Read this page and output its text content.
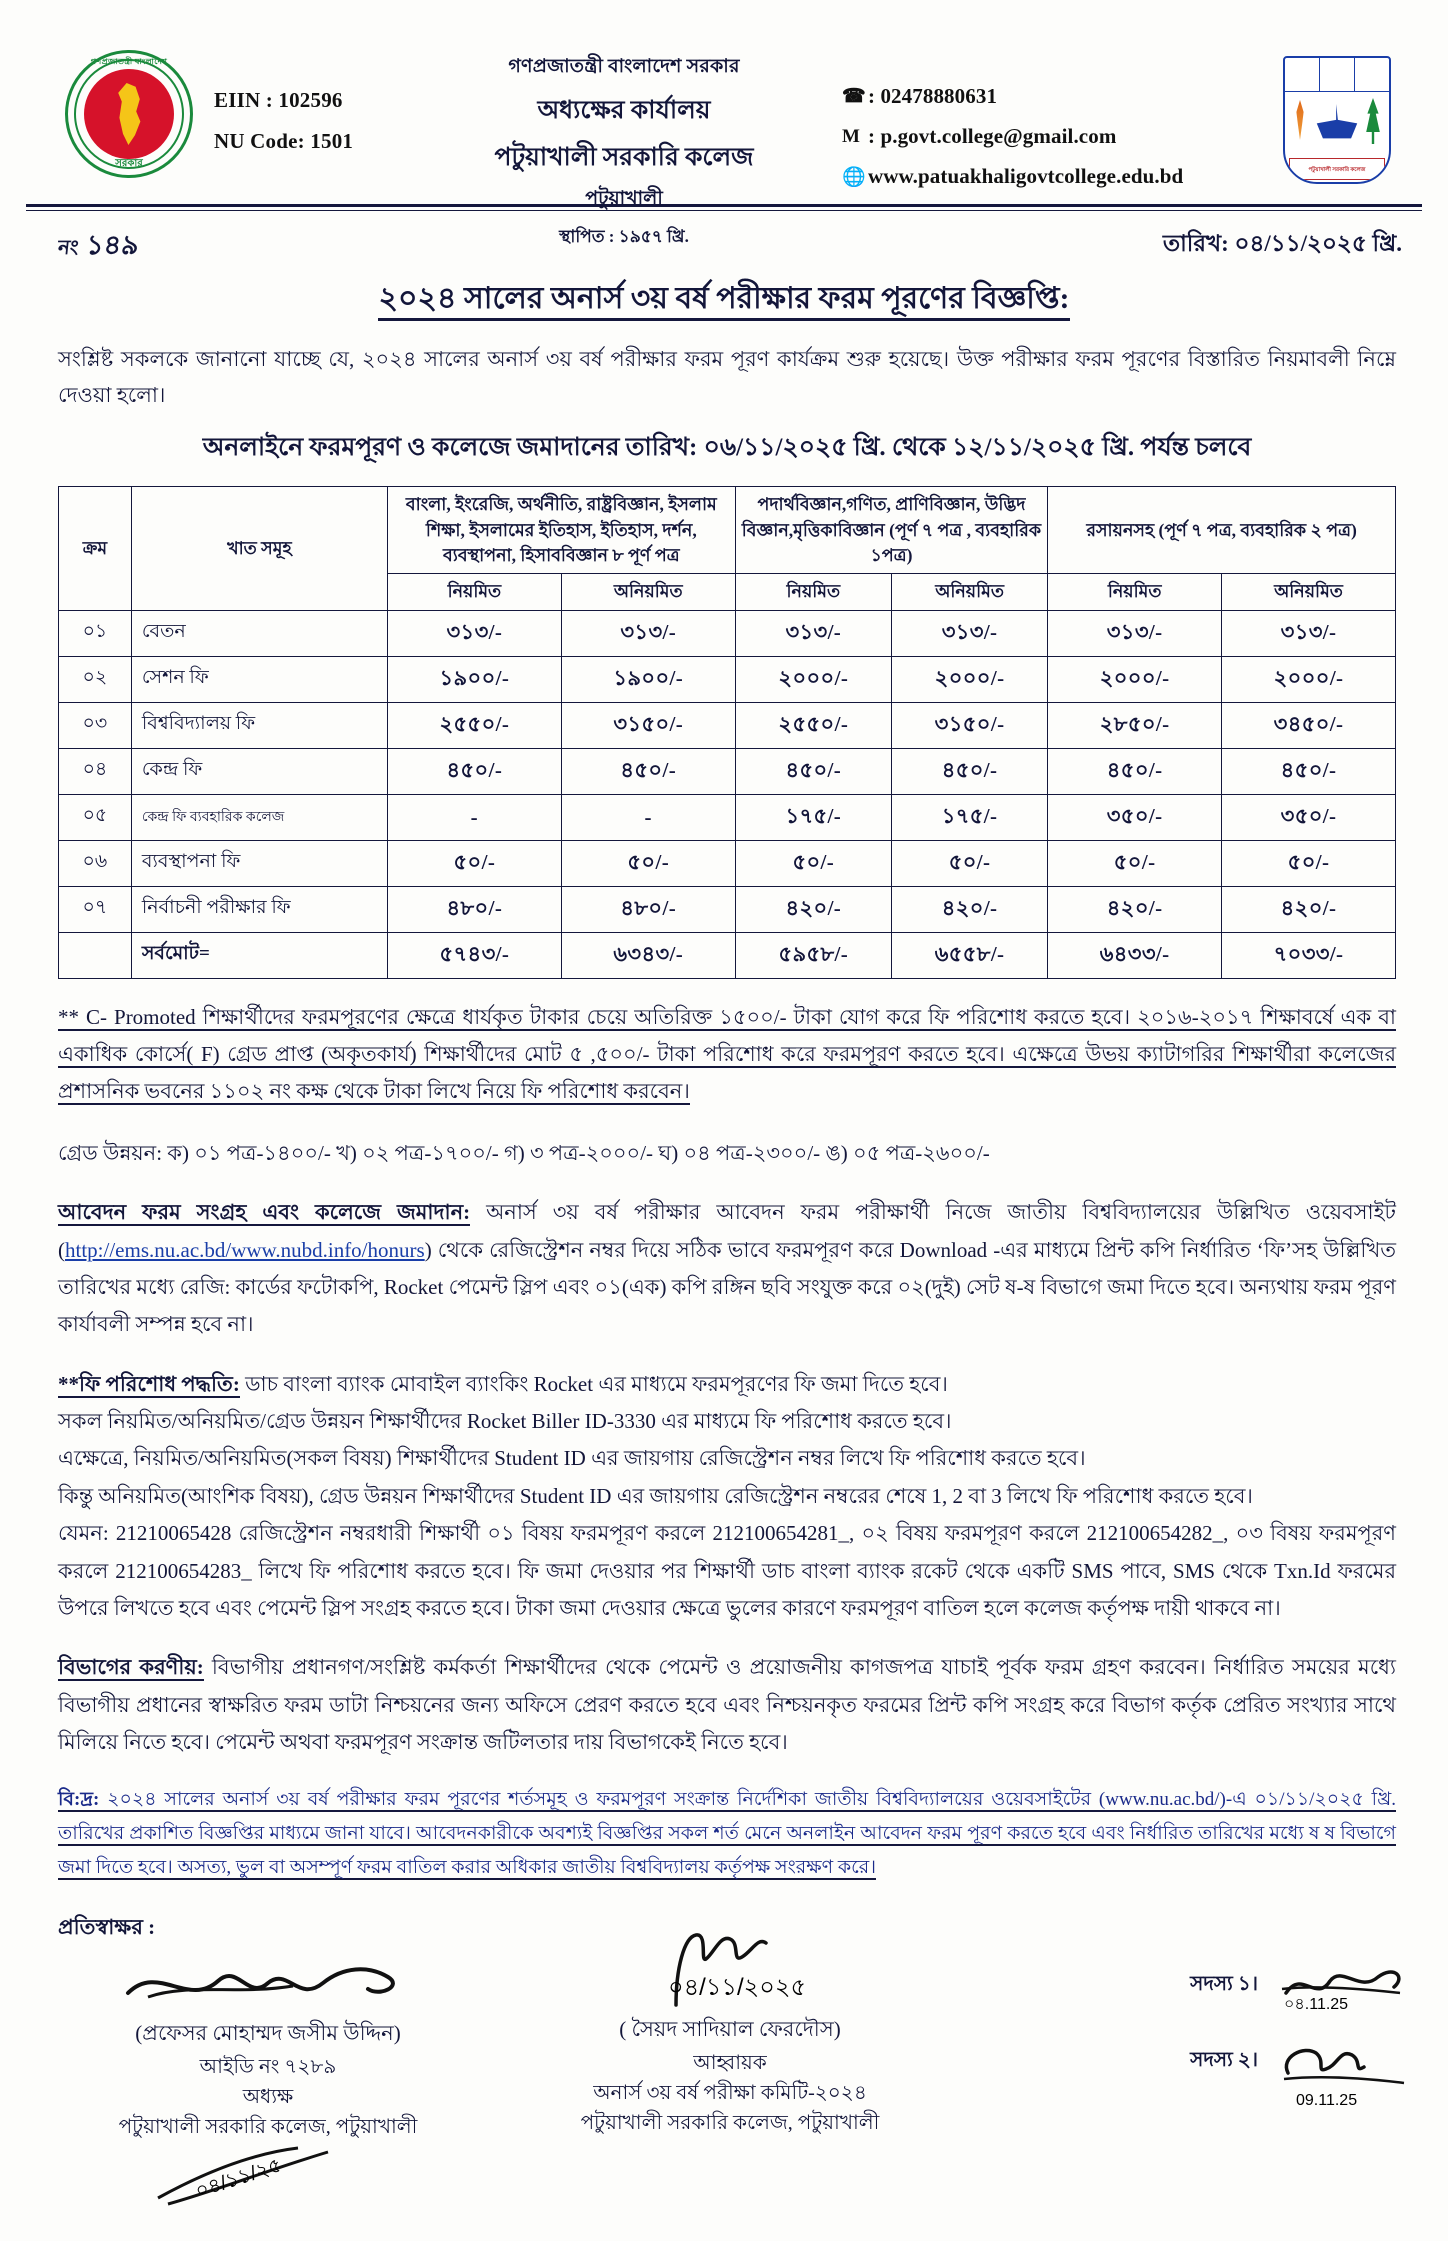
গণপ্রজাতন্ত্রী বাংলাদেশ
সরকার
EIIN : 102596
NU Code: 1501
গণপ্রজাতন্ত্রী বাংলাদেশ সরকার
অধ্যক্ষের কার্যালয়
পটুয়াখালী সরকারি কলেজ
পটুয়াখালী
স্থাপিত : ১৯৫৭ খ্রি.
☎ : 02478880631
M : p.govt.college@gmail.com
🌐 www.patuakhaligovtcollege.edu.bd	পটুয়াখালী সরকারি কলেজ
নং ১৪৯	তারিখ: ০৪/১১/২০২৫ খ্রি.
২০২৪ সালের অনার্স ৩য় বর্ষ পরীক্ষার ফরম পূরণের বিজ্ঞপ্তি:
সংশ্লিষ্ট সকলকে জানানো যাচ্ছে যে, ২০২৪ সালের অনার্স ৩য় বর্ষ পরীক্ষার ফরম পূরণ কার্যক্রম শুরু হয়েছে। উক্ত পরীক্ষার ফরম পূরণের বিস্তারিত নিয়মাবলী নিম্নে দেওয়া হলো।
অনলাইনে ফরমপূরণ ও কলেজে জমাদানের তারিখ: ০৬/১১/২০২৫ খ্রি. থেকে ১২/১১/২০২৫ খ্রি. পর্যন্ত চলবে
ক্রম	খাত সমূহ	বাংলা, ইংরেজি, অর্থনীতি, রাষ্ট্রবিজ্ঞান, ইসলাম শিক্ষা, ইসলামের ইতিহাস, ইতিহাস, দর্শন, ব্যবস্থাপনা, হিসাববিজ্ঞান ৮ পূর্ণ পত্র		পদার্থবিজ্ঞান,গণিত, প্রাণিবিজ্ঞান, উদ্ভিদ বিজ্ঞান,মৃত্তিকাবিজ্ঞান (পূর্ণ ৭ পত্র , ব্যবহারিক ১পত্র)		রসায়নসহ (পূর্ণ ৭ পত্র, ব্যবহারিক ২ পত্র)	
		নিয়মিত	অনিয়মিত	নিয়মিত	অনিয়মিত	নিয়মিত	অনিয়মিত
০১	বেতন	৩১৩/-	৩১৩/-	৩১৩/-	৩১৩/-	৩১৩/-	৩১৩/-
০২	সেশন ফি	১৯০০/-	১৯০০/-	২০০০/-	২০০০/-	২০০০/-	২০০০/-
০৩	বিশ্ববিদ্যালয় ফি	২৫৫০/-	৩১৫০/-	২৫৫০/-	৩১৫০/-	২৮৫০/-	৩৪৫০/-
০৪	কেন্দ্র ফি	৪৫০/-	৪৫০/-	৪৫০/-	৪৫০/-	৪৫০/-	৪৫০/-
০৫	কেন্দ্র ফি ব্যবহারিক কলেজ	-	-	১৭৫/-	১৭৫/-	৩৫০/-	৩৫০/-
০৬	ব্যবস্থাপনা ফি	৫০/-	৫০/-	৫০/-	৫০/-	৫০/-	৫০/-
০৭	নির্বাচনী পরীক্ষার ফি	৪৮০/-	৪৮০/-	৪২০/-	৪২০/-	৪২০/-	৪২০/-
	সর্বমোট=	৫৭৪৩/-	৬৩৪৩/-	৫৯৫৮/-	৬৫৫৮/-	৬৪৩৩/-	৭০৩৩/-
** C- Promoted শিক্ষার্থীদের ফরমপূরণের ক্ষেত্রে ধার্যকৃত টাকার চেয়ে অতিরিক্ত ১৫০০/- টাকা যোগ করে ফি পরিশোধ করতে হবে। ২০১৬-২০১৭ শিক্ষাবর্ষে এক বা একাধিক কোর্সে( F) গ্রেড প্রাপ্ত (অকৃতকার্য) শিক্ষার্থীদের মোট ৫ ,৫০০/- টাকা পরিশোধ করে ফরমপূরণ করতে হবে। এক্ষেত্রে উভয় ক্যাটাগরির শিক্ষার্থীরা কলেজের প্রশাসনিক ভবনের ১১০২ নং কক্ষ থেকে টাকা লিখে নিয়ে ফি পরিশোধ করবেন।
গ্রেড উন্নয়ন: ক) ০১ পত্র-১৪০০/- খ) ০২ পত্র-১৭০০/- গ) ৩ পত্র-২০০০/- ঘ) ০৪ পত্র-২৩০০/- ঙ) ০৫ পত্র-২৬০০/-
আবেদন ফরম সংগ্রহ এবং কলেজে জমাদান: অনার্স ৩য় বর্ষ পরীক্ষার আবেদন ফরম পরীক্ষার্থী নিজে জাতীয় বিশ্ববিদ্যালয়ের উল্লিখিত ওয়েবসাইট (http://ems.nu.ac.bd/www.nubd.info/honurs) থেকে রেজিস্ট্রেশন নম্বর দিয়ে সঠিক ভাবে ফরমপূরণ করে Download -এর মাধ্যমে প্রিন্ট কপি নির্ধারিত ‘ফি’সহ উল্লিখিত তারিখের মধ্যে রেজি: কার্ডের ফটোকপি, Rocket পেমেন্ট স্লিপ এবং ০১(এক) কপি রঙ্গিন ছবি সংযুক্ত করে ০২(দুই) সেট ষ-ষ বিভাগে জমা দিতে হবে। অন্যথায় ফরম পূরণ কার্যাবলী সম্পন্ন হবে না।
**ফি পরিশোধ পদ্ধতি: ডাচ বাংলা ব্যাংক মোবাইল ব্যাংকিং Rocket এর মাধ্যমে ফরমপূরণের ফি জমা দিতে হবে।
সকল নিয়মিত/অনিয়মিত/গ্রেড উন্নয়ন শিক্ষার্থীদের Rocket Biller ID-3330 এর মাধ্যমে ফি পরিশোধ করতে হবে।
এক্ষেত্রে, নিয়মিত/অনিয়মিত(সকল বিষয়) শিক্ষার্থীদের Student ID এর জায়গায় রেজিস্ট্রেশন নম্বর লিখে ফি পরিশোধ করতে হবে।
কিন্তু অনিয়মিত(আংশিক বিষয়), গ্রেড উন্নয়ন শিক্ষার্থীদের Student ID এর জায়গায় রেজিস্ট্রেশন নম্বরের শেষে 1, 2 বা 3 লিখে ফি পরিশোধ করতে হবে।
যেমন: 21210065428 রেজিস্ট্রেশন নম্বরধারী শিক্ষার্থী ০১ বিষয় ফরমপূরণ করলে 212100654281_, ০২ বিষয় ফরমপূরণ করলে 212100654282_, ০৩ বিষয় ফরমপূরণ করলে 212100654283_ লিখে ফি পরিশোধ করতে হবে। ফি জমা দেওয়ার পর শিক্ষার্থী ডাচ বাংলা ব্যাংক রকেট থেকে একটি SMS পাবে, SMS থেকে Txn.Id ফরমের উপরে লিখতে হবে এবং পেমেন্ট স্লিপ সংগ্রহ করতে হবে। টাকা জমা দেওয়ার ক্ষেত্রে ভুলের কারণে ফরমপূরণ বাতিল হলে কলেজ কর্তৃপক্ষ দায়ী থাকবে না।
বিভাগের করণীয়: বিভাগীয় প্রধানগণ/সংশ্লিষ্ট কর্মকর্তা শিক্ষার্থীদের থেকে পেমেন্ট ও প্রয়োজনীয় কাগজপত্র যাচাই পূর্বক ফরম গ্রহণ করবেন। নির্ধারিত সময়ের মধ্যে বিভাগীয় প্রধানের স্বাক্ষরিত ফরম ডাটা নিশ্চয়নের জন্য অফিসে প্রেরণ করতে হবে এবং নিশ্চয়নকৃত ফরমের প্রিন্ট কপি সংগ্রহ করে বিভাগ কর্তৃক প্রেরিত সংখ্যার সাথে মিলিয়ে নিতে হবে। পেমেন্ট অথবা ফরমপূরণ সংক্রান্ত জটিলতার দায় বিভাগকেই নিতে হবে।
বি:দ্র: ২০২৪ সালের অনার্স ৩য় বর্ষ পরীক্ষার ফরম পূরণের শর্তসমূহ ও ফরমপূরণ সংক্রান্ত নির্দেশিকা জাতীয় বিশ্ববিদ্যালয়ের ওয়েবসাইটের (www.nu.ac.bd/)-এ ০১/১১/২০২৫ খ্রি. তারিখের প্রকাশিত বিজ্ঞপ্তির মাধ্যমে জানা যাবে। আবেদনকারীকে অবশ্যই বিজ্ঞপ্তির সকল শর্ত মেনে অনলাইন আবেদন ফরম পূরণ করতে হবে এবং নির্ধারিত তারিখের মধ্যে ষ ষ বিভাগে জমা দিতে হবে। অসত্য, ভুল বা অসম্পূর্ণ ফরম বাতিল করার অধিকার জাতীয় বিশ্ববিদ্যালয় কর্তৃপক্ষ সংরক্ষণ করে।
প্রতিস্বাক্ষর :
(প্রফেসর মোহাম্মদ জসীম উদ্দিন)
আইডি নং ৭২৮৯
অধ্যক্ষ
পটুয়াখালী সরকারি কলেজ, পটুয়াখালী
০৪/১১/২৫
০৪/১১/২০২৫
( সৈয়দ সাদিয়াল ফেরদৌস)
আহ্বায়ক
অনার্স ৩য় বর্ষ পরীক্ষা কমিটি-২০২৪
পটুয়াখালী সরকারি কলেজ, পটুয়াখালী
সদস্য ১।
০৪.11.25
সদস্য ২।
09.11.25
